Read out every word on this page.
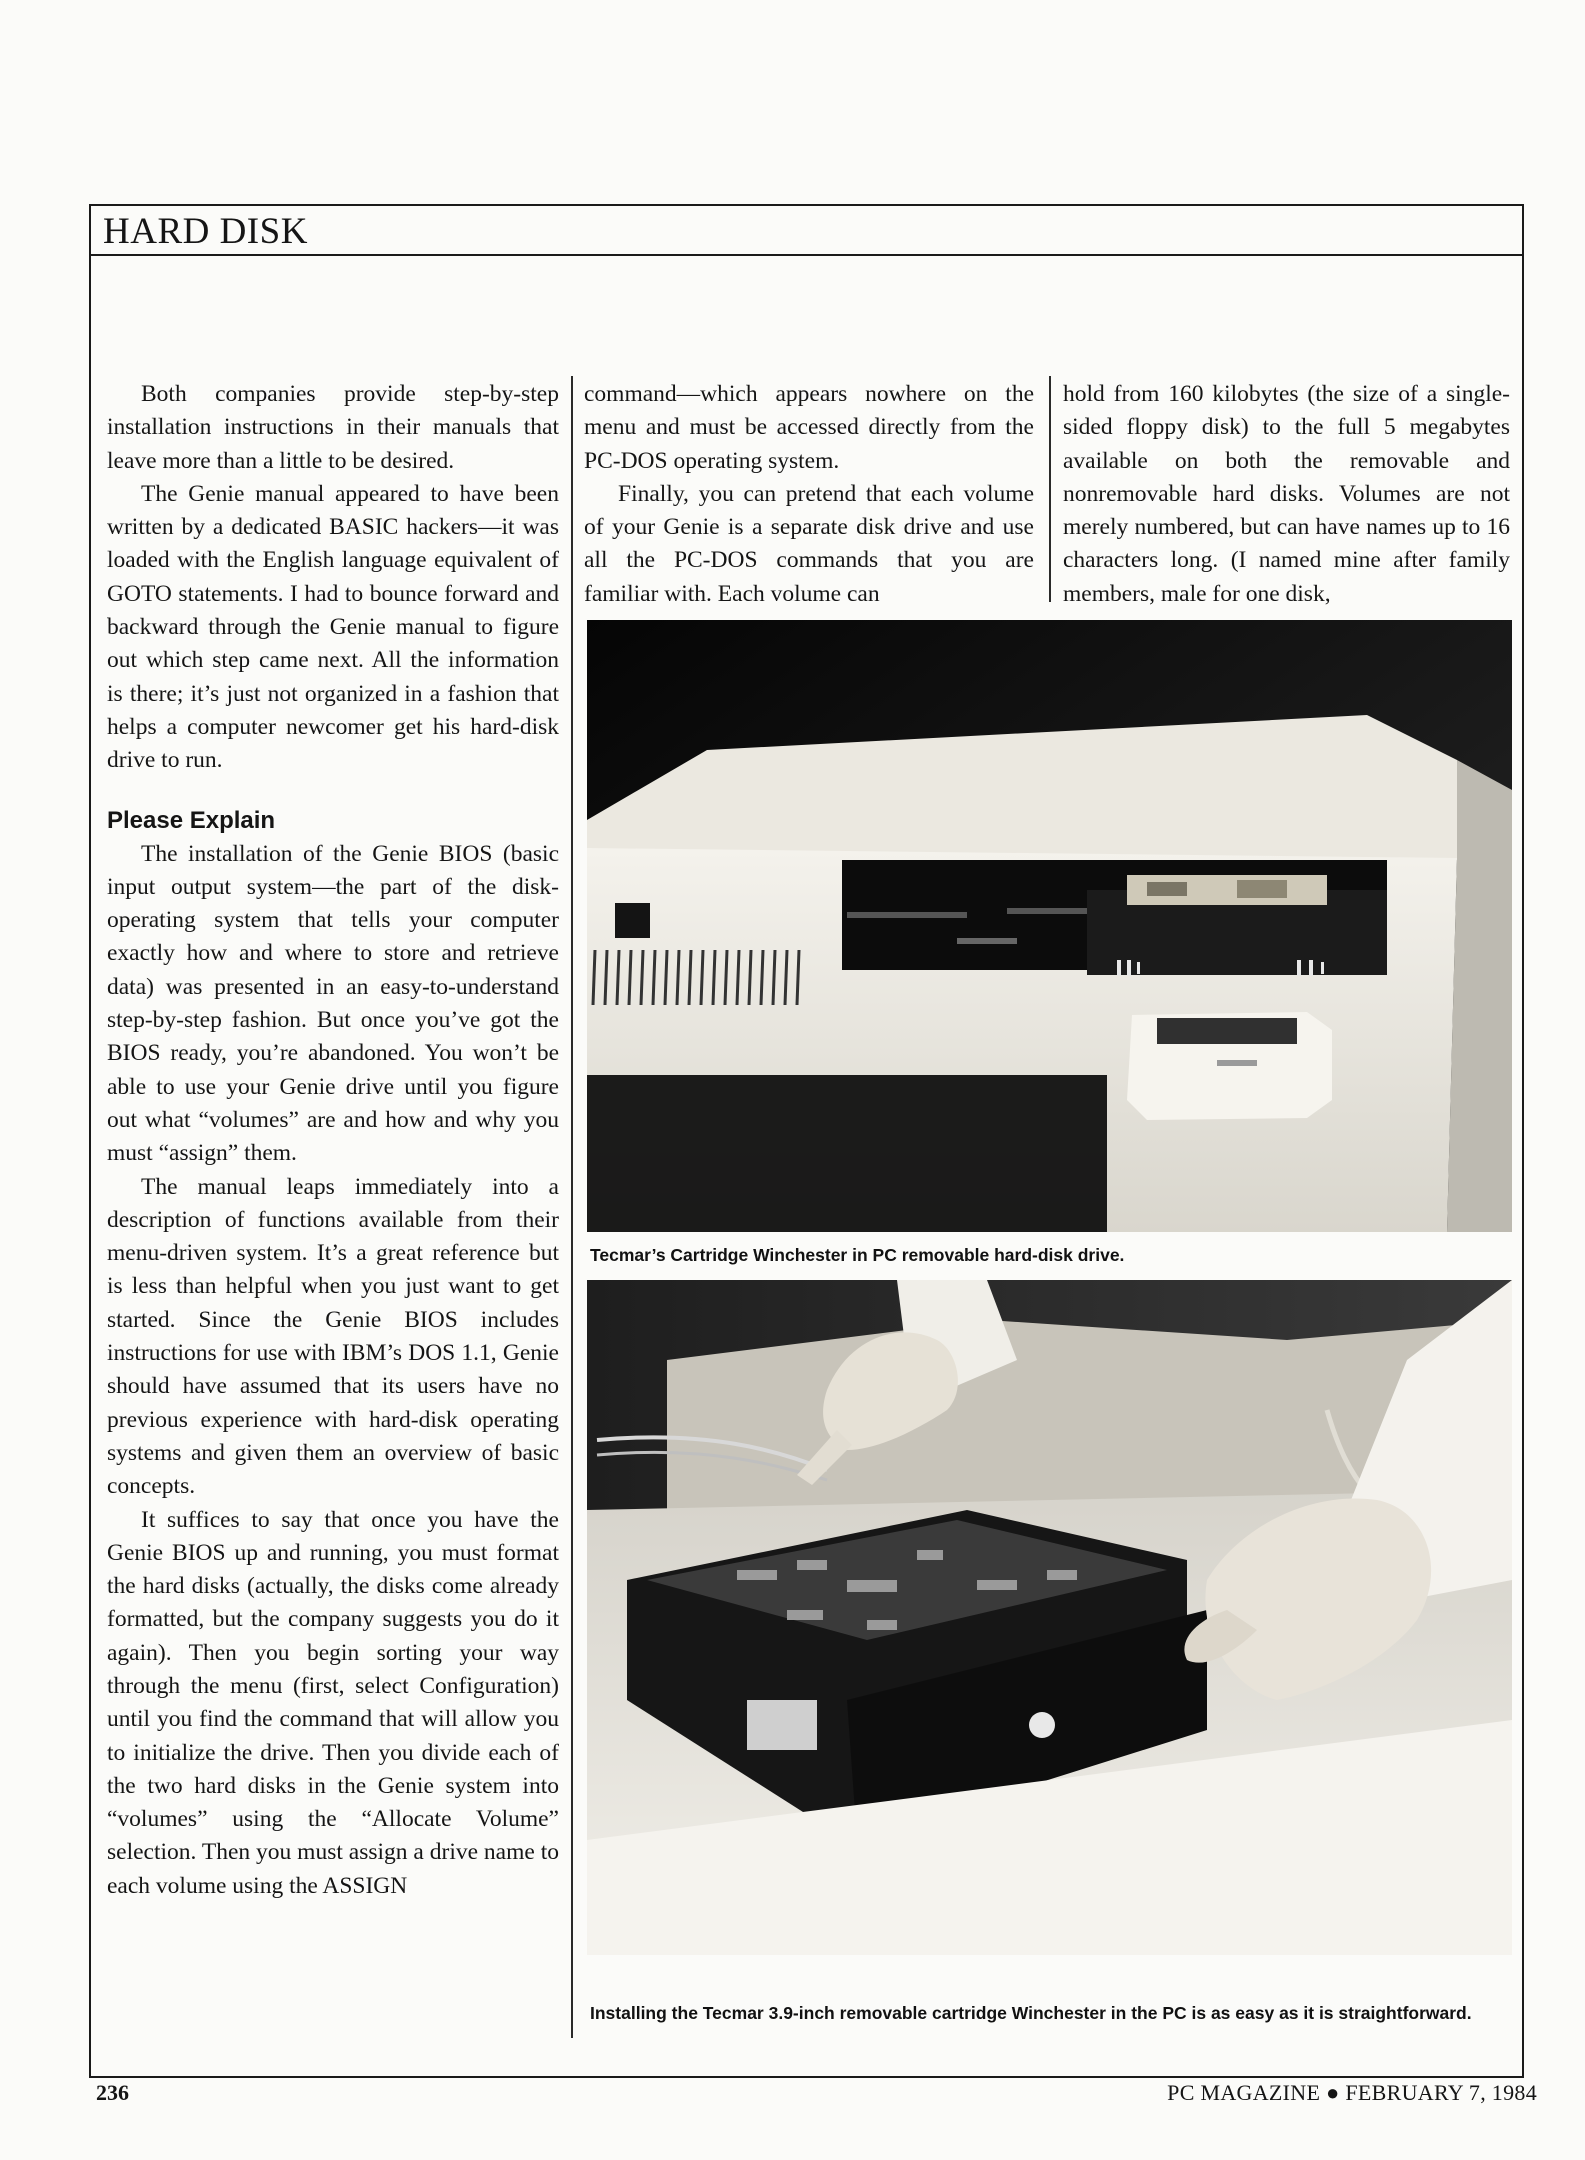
HARD DISK

Both companies provide step-by-step installation instructions in their manuals that leave more than a little to be desired.

The Genie manual appeared to have been written by a dedicated BASIC hackers—it was loaded with the English language equivalent of GOTO statements. I had to bounce forward and backward through the Genie manual to figure out which step came next. All the information is there; it’s just not organized in a fashion that helps a computer newcomer get his hard-disk drive to run.

Please Explain

The installation of the Genie BIOS (basic input output system—the part of the disk-operating system that tells your computer exactly how and where to store and retrieve data) was presented in an easy-to-understand step-by-step fashion. But once you’ve got the BIOS ready, you’re abandoned. You won’t be able to use your Genie drive until you figure out what “volumes” are and how and why you must “assign” them.

The manual leaps immediately into a description of functions available from their menu-driven system. It’s a great reference but is less than helpful when you just want to get started. Since the Genie BIOS includes instructions for use with IBM’s DOS 1.1, Genie should have assumed that its users have no previous experience with hard-disk operating systems and given them an overview of basic concepts.

It suffices to say that once you have the Genie BIOS up and running, you must format the hard disks (actually, the disks come already formatted, but the company suggests you do it again). Then you begin sorting your way through the menu (first, select Configuration) until you find the command that will allow you to initialize the drive. Then you divide each of the two hard disks in the Genie system into “volumes” using the “Allocate Volume” selection. Then you must assign a drive name to each volume using the ASSIGN

command—which appears nowhere on the menu and must be accessed directly from the PC-DOS operating system.

Finally, you can pretend that each volume of your Genie is a separate disk drive and use all the PC-DOS commands that you are familiar with. Each volume can

hold from 160 kilobytes (the size of a single-sided floppy disk) to the full 5 megabytes available on both the removable and nonremovable hard disks. Volumes are not merely numbered, but can have names up to 16 characters long. (I named mine after family members, male for one disk,

Tecmar’s Cartridge Winchester in PC removable hard-disk drive.
Installing the Tecmar 3.9-inch removable cartridge Winchester in the PC is as easy as it is straightforward.
236	PC MAGAZINE ● FEBRUARY 7, 1984
